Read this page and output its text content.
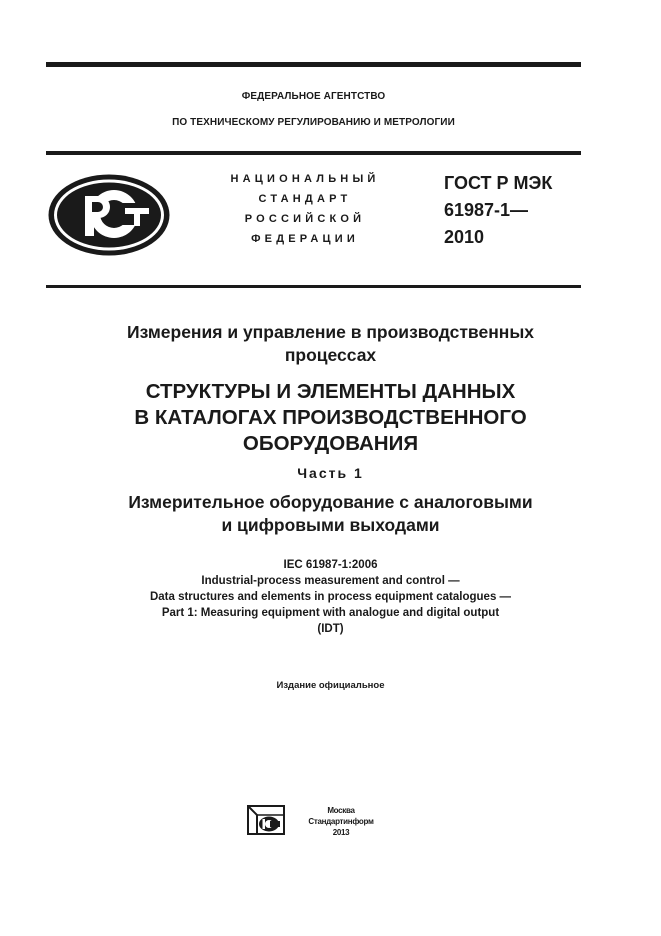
ФЕДЕРАЛЬНОЕ АГЕНТСТВО
ПО ТЕХНИЧЕСКОМУ РЕГУЛИРОВАНИЮ И МЕТРОЛОГИИ
НАЦИОНАЛЬНЫЙ
СТАНДАРТ
РОССИЙСКОЙ
ФЕДЕРАЦИИ
ГОСТ Р МЭК
61987-1—
2010
Измерения и управление в производственных
процессах
СТРУКТУРЫ И ЭЛЕМЕНТЫ ДАННЫХ
В КАТАЛОГАХ ПРОИЗВОДСТВЕННОГО
ОБОРУДОВАНИЯ
Часть 1
Измерительное оборудование с аналоговыми
и цифровыми выходами
IEC 61987-1:2006
Industrial-process measurement and control —
Data structures and elements in process equipment catalogues —
Part 1: Measuring equipment with analogue and digital output
(IDT)
Издание официальное
Москва
Стандартинформ
2013
